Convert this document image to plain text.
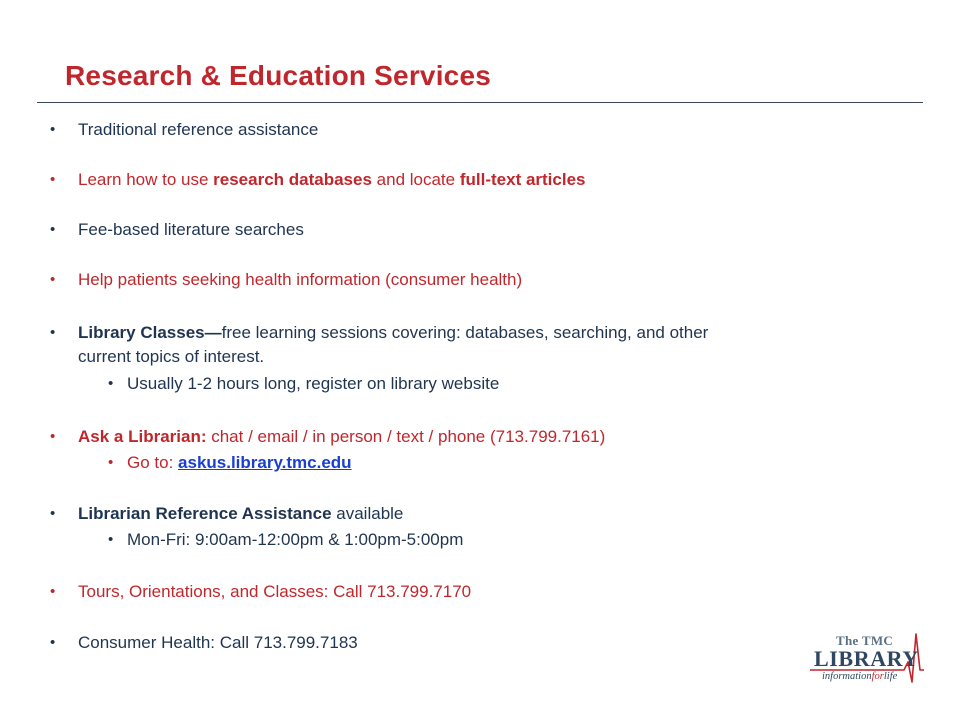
Research & Education Services
• Traditional reference assistance
• Learn how to use research databases and locate full-text articles
• Fee-based literature searches
• Help patients seeking health information (consumer health)
• Library Classes—free learning sessions covering: databases, searching, and other
current topics of interest.
• Usually 1-2 hours long, register on library website
• Ask a Librarian: chat / email / in person / text / phone (713.799.7161)
• Go to: askus.library.tmc.edu
• Librarian Reference Assistance available
• Mon-Fri: 9:00am-12:00pm & 1:00pm-5:00pm
• Tours, Orientations, and Classes: Call 713.799.7170
• Consumer Health: Call 713.799.7183	The TMC
LIBRARY
informationforlife
